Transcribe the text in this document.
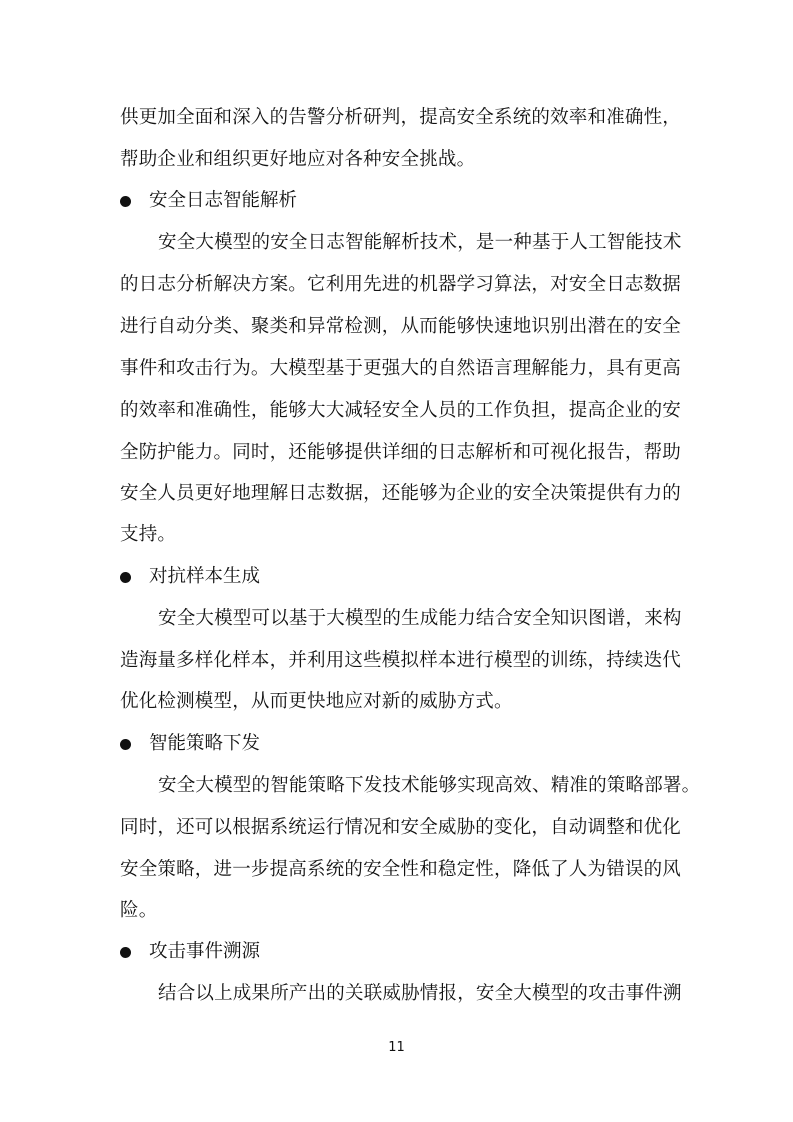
供更加全面和深入的告警分析研判，提高安全系统的效率和准确性，
帮助企业和组织更好地应对各种安全挑战。
安全日志智能解析
安全大模型的安全日志智能解析技术，是一种基于人工智能技术
的日志分析解决方案。它利用先进的机器学习算法，对安全日志数据
进行自动分类、聚类和异常检测，从而能够快速地识别出潜在的安全
事件和攻击行为。大模型基于更强大的自然语言理解能力，具有更高
的效率和准确性，能够大大减轻安全人员的工作负担，提高企业的安
全防护能力。同时，还能够提供详细的日志解析和可视化报告，帮助
安全人员更好地理解日志数据，还能够为企业的安全决策提供有力的
支持。
对抗样本生成
安全大模型可以基于大模型的生成能力结合安全知识图谱，来构
造海量多样化样本，并利用这些模拟样本进行模型的训练，持续迭代
优化检测模型，从而更快地应对新的威胁方式。
智能策略下发
安全大模型的智能策略下发技术能够实现高效、精准的策略部署。
同时，还可以根据系统运行情况和安全威胁的变化，自动调整和优化
安全策略，进一步提高系统的安全性和稳定性，降低了人为错误的风
险。
攻击事件溯源
结合以上成果所产出的关联威胁情报，安全大模型的攻击事件溯
11
